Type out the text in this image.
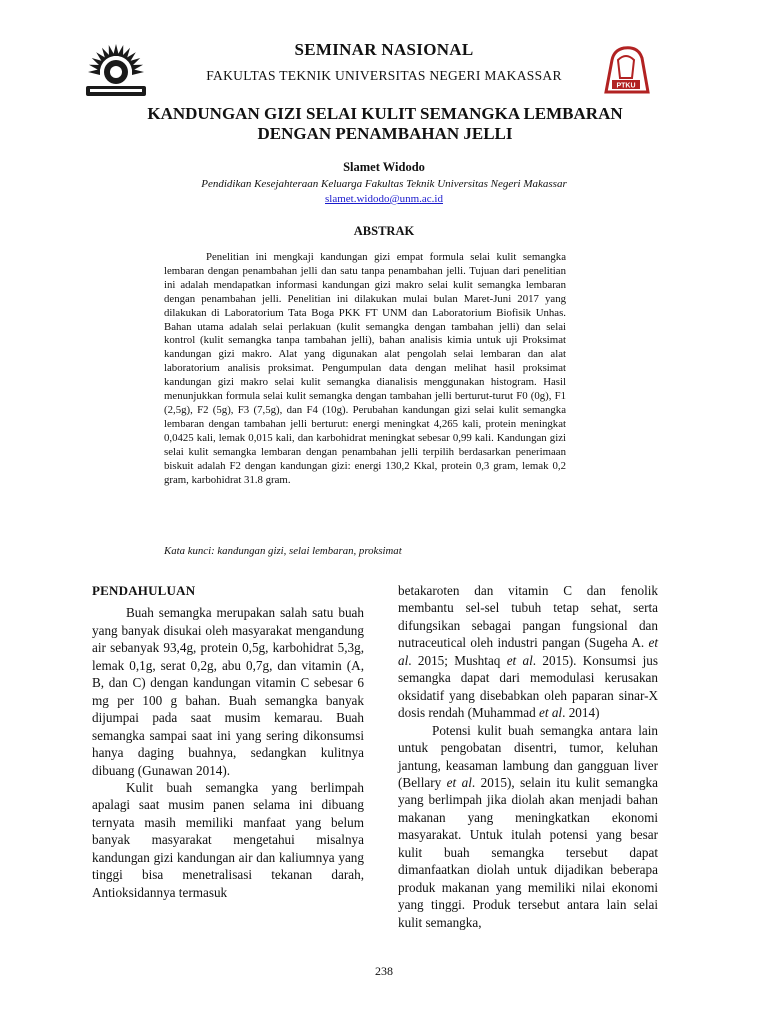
SEMINAR NASIONAL
FAKULTAS TEKNIK UNIVERSITAS NEGERI MAKASSAR
PTKU
KANDUNGAN GIZI SELAI KULIT SEMANGKA LEMBARAN
DENGAN PENAMBAHAN JELLI
Slamet Widodo
Pendidikan Kesejahteraan Keluarga Fakultas Teknik Universitas Negeri Makassar
slamet.widodo@unm.ac.id
ABSTRAK
Penelitian ini mengkaji kandungan gizi empat formula selai kulit semangka lembaran dengan penambahan jelli dan satu tanpa penambahan jelli. Tujuan dari penelitian ini adalah mendapatkan informasi kandungan gizi makro selai kulit semangka lembaran dengan penambahan jelli. Penelitian ini dilakukan mulai bulan Maret-Juni 2017 yang dilakukan di Laboratorium Tata Boga PKK FT UNM dan Laboratorium Biofisik Unhas. Bahan utama adalah selai perlakuan (kulit semangka dengan tambahan jelli) dan selai kontrol (kulit semangka tanpa tambahan jelli), bahan analisis kimia untuk uji Proksimat kandungan gizi makro. Alat yang digunakan alat pengolah selai lembaran dan alat laboratorium analisis proksimat. Pengumpulan data dengan melihat hasil proksimat kandungan gizi makro selai kulit semangka dianalisis menggunakan histogram. Hasil menunjukkan formula selai kulit semangka dengan tambahan jelli berturut-turut F0 (0g), F1 (2,5g), F2 (5g), F3 (7,5g), dan F4 (10g). Perubahan kandungan gizi selai kulit semangka lembaran dengan tambahan jelli berturut: energi meningkat 4,265 kali, protein meningkat 0,0425 kali, lemak 0,015 kali, dan karbohidrat meningkat sebesar 0,99 kali. Kandungan gizi selai kulit semangka lembaran dengan penambahan jelli terpilih berdasarkan penerimaan biskuit adalah F2 dengan kandungan gizi: energi 130,2 Kkal, protein 0,3 gram, lemak 0,2 gram, karbohidrat 31.8 gram.
Kata kunci: kandungan gizi, selai lembaran, proksimat
PENDAHULUAN

Buah semangka merupakan salah satu buah yang banyak disukai oleh masyarakat mengandung air sebanyak 93,4g, protein 0,5g, karbohidrat 5,3g, lemak 0,1g, serat 0,2g, abu 0,7g, dan vitamin (A, B, dan C) dengan kandungan vitamin C sebesar 6 mg per 100 g bahan. Buah semangka banyak dijumpai pada saat musim kemarau. Buah semangka sampai saat ini yang sering dikonsumsi hanya daging buahnya, sedangkan kulitnya dibuang (Gunawan 2014).

Kulit buah semangka yang berlimpah apalagi saat musim panen selama ini dibuang ternyata masih memiliki manfaat yang belum banyak masyarakat mengetahui misalnya kandungan gizi kandungan air dan kaliumnya yang tinggi bisa menetralisasi tekanan darah, Antioksidannya termasuk

betakaroten dan vitamin C dan fenolik membantu sel-sel tubuh tetap sehat, serta difungsikan sebagai pangan fungsional dan nutraceutical oleh industri pangan (Sugeha A. et al. 2015; Mushtaq et al. 2015). Konsumsi jus semangka dapat dari memodulasi kerusakan oksidatif yang disebabkan oleh paparan sinar-X dosis rendah (Muhammad et al. 2014)

Potensi kulit buah semangka antara lain untuk pengobatan disentri, tumor, keluhan jantung, keasaman lambung dan gangguan liver (Bellary et al. 2015), selain itu kulit semangka yang berlimpah jika diolah akan menjadi bahan makanan yang meningkatkan ekonomi masyarakat. Untuk itulah potensi yang besar kulit buah semangka tersebut dapat dimanfaatkan diolah untuk dijadikan beberapa produk makanan yang memiliki nilai ekonomi yang tinggi. Produk tersebut antara lain selai kulit semangka,

238
